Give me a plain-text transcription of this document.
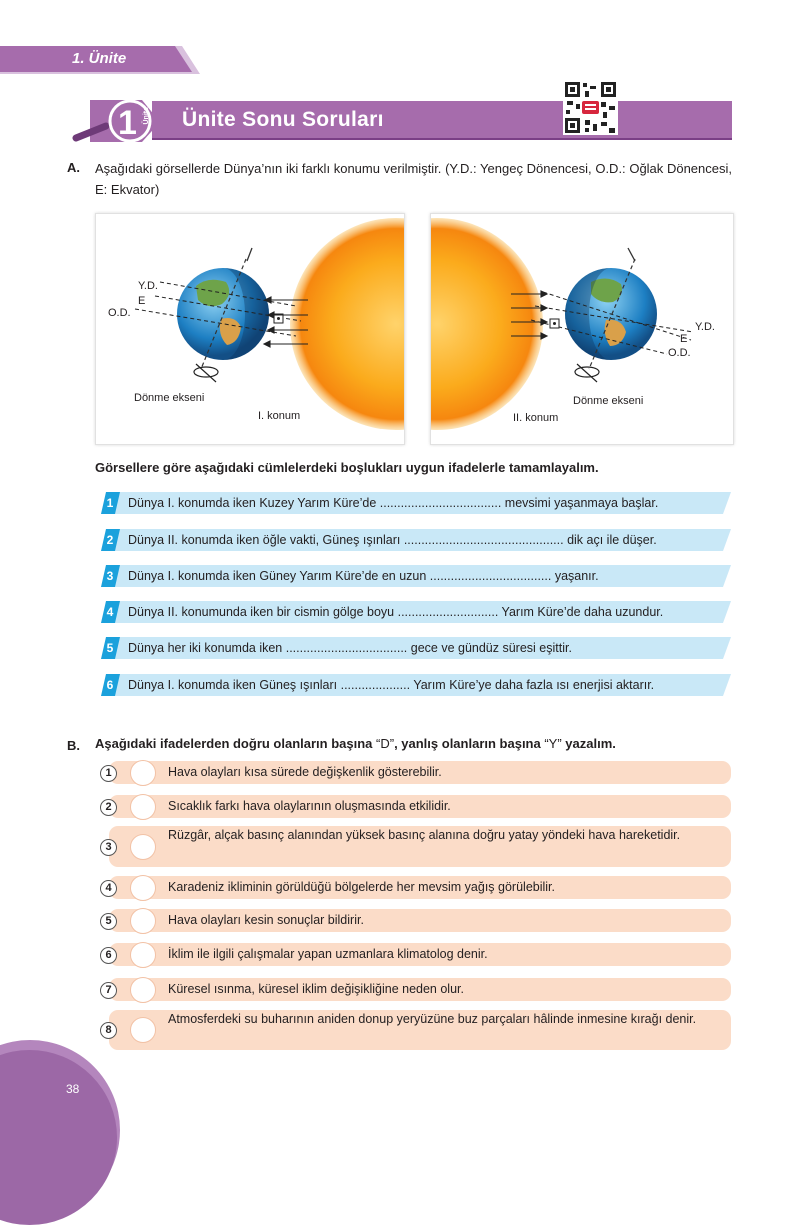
1. Ünite
1 Ünite Ünite Sonu Soruları
A. Aşağıdaki görsellerde Dünya’nın iki farklı konumu verilmiştir. (Y.D.: Yengeç Dönencesi, O.D.: Oğlak Dönencesi, E: Ekvator)
Y.D.
E
O.D.
Dönme ekseni
I. konum
Y.D.
E
O.D.
Dönme ekseni
II. konum
Görsellere göre aşağıdaki cümlelerdeki boşlukları uygun ifadelerle tamamlayalım.
1	Dünya I. konumda iken Kuzey Yarım Küre’de ................................... mevsimi yaşanmaya başlar.
2	Dünya II. konumda iken öğle vakti, Güneş ışınları .............................................. dik açı ile düşer.
3	Dünya I. konumda iken Güney Yarım Küre’de en uzun ................................... yaşanır.
4	Dünya II. konumunda iken bir cismin gölge boyu ............................. Yarım Küre’de daha uzundur.
5	Dünya her iki konumda iken ................................... gece ve gündüz süresi eşittir.
6	Dünya I. konumda iken Güneş ışınları .................... Yarım Küre’ye daha fazla ısı enerjisi aktarır.
B. Aşağıdaki ifadelerden doğru olanların başına “D”, yanlış olanların başına “Y” yazalım.
1	Hava olayları kısa sürede değişkenlik gösterebilir.
2	Sıcaklık farkı hava olaylarının oluşmasında etkilidir.
3
Rüzgâr, alçak basınç alanından yüksek basınç alanına doğru yatay yöndeki hava hareketidir.
4	Karadeniz ikliminin görüldüğü bölgelerde her mevsim yağış görülebilir.
5	Hava olayları kesin sonuçlar bildirir.
6	İklim ile ilgili çalışmalar yapan uzmanlara klimatolog denir.
7	Küresel ısınma, küresel iklim değişikliğine neden olur.
8
Atmosferdeki su buharının aniden donup yeryüzüne buz parçaları hâlinde inmesine kırağı denir.
38
